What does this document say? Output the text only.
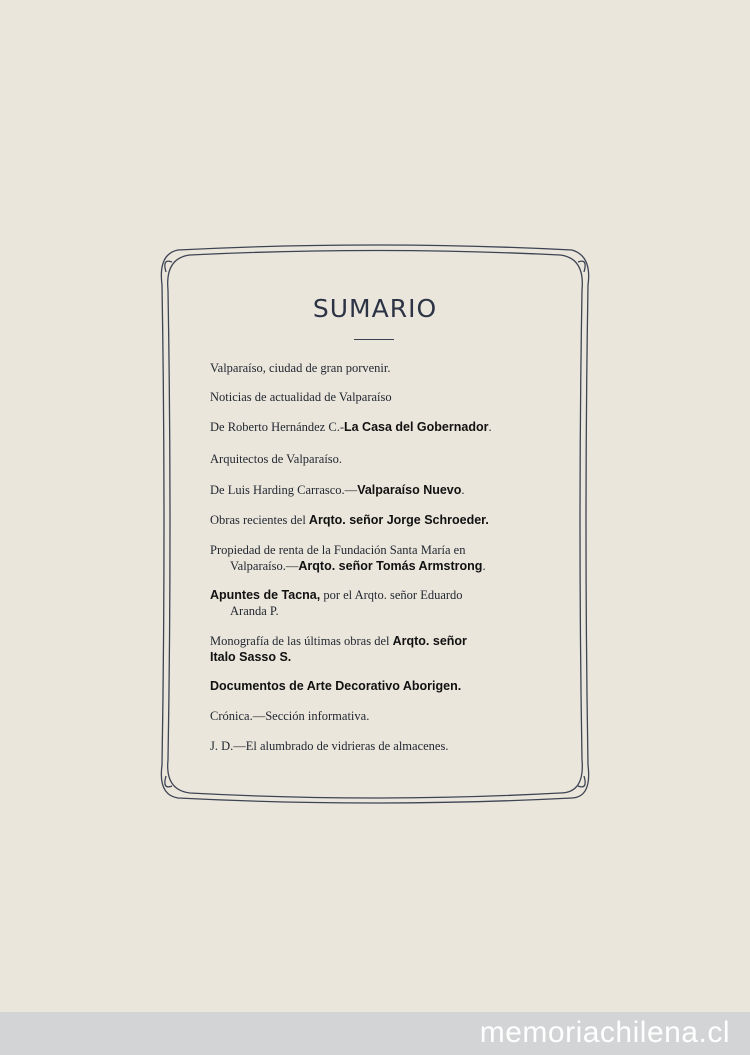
SUMARIO
Valparaíso, ciudad de gran porvenir.
Noticias de actualidad de Valparaíso
De Roberto Hernández C.-La Casa del Gobernador.
Arquitectos de Valparaíso.
De Luis Harding Carrasco.—Valparaíso Nuevo.
Obras recientes del Arqto. señor Jorge Schroeder.
Propiedad de renta de la Fundación Santa María en
Valparaíso.—Arqto. señor Tomás Armstrong.
Apuntes de Tacna, por el Arqto. señor Eduardo
Aranda P.
Monografía de las últimas obras del Arqto. señor
Italo Sasso S.
Documentos de Arte Decorativo Aborigen.
Crónica.—Sección informativa.
J. D.—El alumbrado de vidrieras de almacenes.
memoriachilena.cl
